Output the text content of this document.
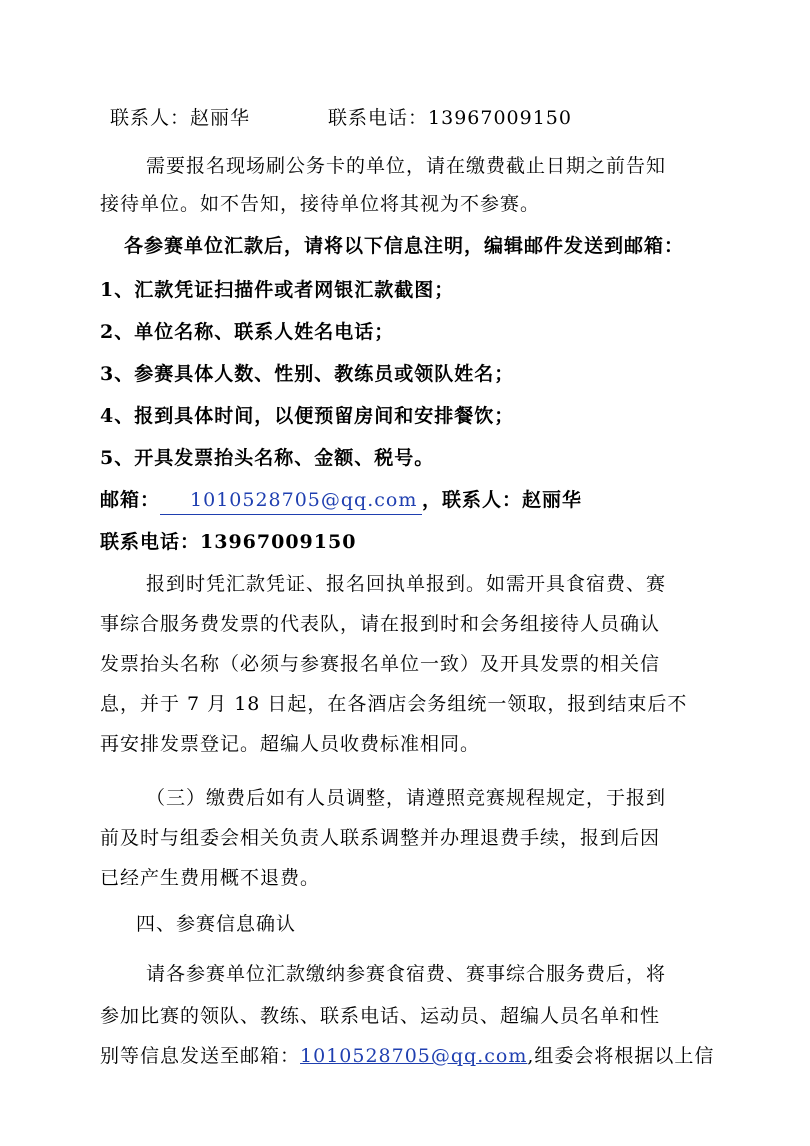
联系人：赵丽华	联系电话：13967009150
需要报名现场刷公务卡的单位，请在缴费截止日期之前告知
接待单位。如不告知，接待单位将其视为不参赛。
各参赛单位汇款后，请将以下信息注明，编辑邮件发送到邮箱：
1、汇款凭证扫描件或者网银汇款截图；
2、单位名称、联系人姓名电话；
3、参赛具体人数、性别、教练员或领队姓名；
4、报到具体时间，以便预留房间和安排餐饮；
5、开具发票抬头名称、金额、税号。
邮箱： 1010528705@qq.com ，联系人：赵丽华
联系电话：13967009150
报到时凭汇款凭证、报名回执单报到。如需开具食宿费、赛
事综合服务费发票的代表队，请在报到时和会务组接待人员确认
发票抬头名称（必须与参赛报名单位一致）及开具发票的相关信
息，并于 7 月 18 日起，在各酒店会务组统一领取，报到结束后不
再安排发票登记。超编人员收费标准相同。
（三）缴费后如有人员调整，请遵照竞赛规程规定，于报到
前及时与组委会相关负责人联系调整并办理退费手续，报到后因
已经产生费用概不退费。
四、参赛信息确认
请各参赛单位汇款缴纳参赛食宿费、赛事综合服务费后，将
参加比赛的领队、教练、联系电话、运动员、超编人员名单和性
别等信息发送至邮箱：1010528705@qq.com,组委会将根据以上信
